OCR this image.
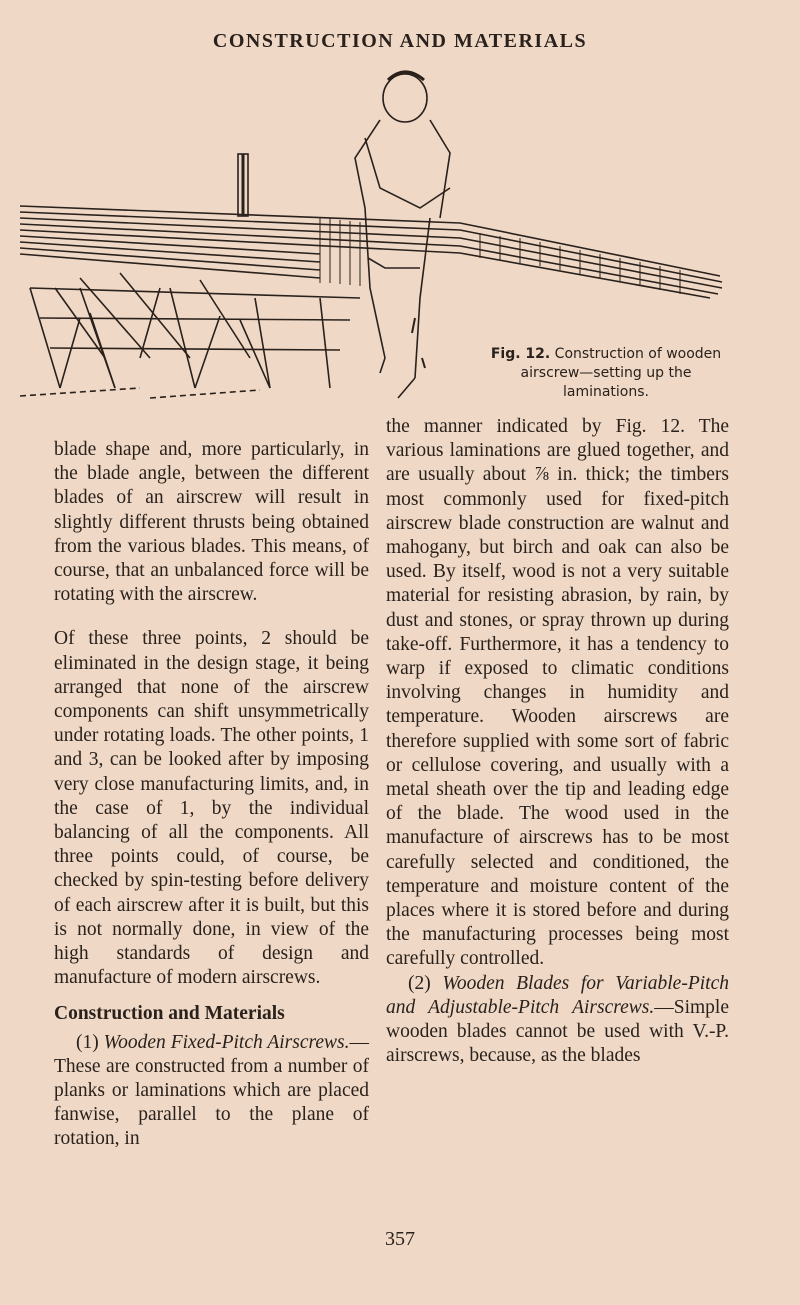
CONSTRUCTION AND MATERIALS
Fig. 12. Construction of wooden airscrew—setting up the laminations.

blade shape and, more particularly, in the blade angle, between the different blades of an airscrew will result in slightly different thrusts being obtained from the various blades. This means, of course, that an unbalanced force will be rotating with the airscrew.

Of these three points, 2 should be eliminated in the design stage, it being arranged that none of the airscrew components can shift unsymmetrically under rotating loads. The other points, 1 and 3, can be looked after by imposing very close manufacturing limits, and, in the case of 1, by the individual balancing of all the components. All three points could, of course, be checked by spin-testing before delivery of each airscrew after it is built, but this is not normally done, in view of the high standards of design and manufacture of modern airscrews.

Construction and Materials

(1) Wooden Fixed-Pitch Airscrews.—These are constructed from a number of planks or laminations which are placed fanwise, parallel to the plane of rotation, in

the manner indicated by Fig. 12. The various laminations are glued together, and are usually about ⅞ in. thick; the timbers most commonly used for fixed-pitch airscrew blade construction are walnut and mahogany, but birch and oak can also be used. By itself, wood is not a very suitable material for resisting abrasion, by rain, by dust and stones, or spray thrown up during take-off. Furthermore, it has a tendency to warp if exposed to climatic conditions involving changes in humidity and temperature. Wooden airscrews are therefore supplied with some sort of fabric or cellulose covering, and usually with a metal sheath over the tip and leading edge of the blade. The wood used in the manufacture of airscrews has to be most carefully selected and conditioned, the temperature and moisture content of the places where it is stored before and during the manufacturing processes being most carefully controlled.

(2) Wooden Blades for Variable-Pitch and Adjustable-Pitch Airscrews.—Simple wooden blades cannot be used with V.-P. airscrews, because, as the blades

357
